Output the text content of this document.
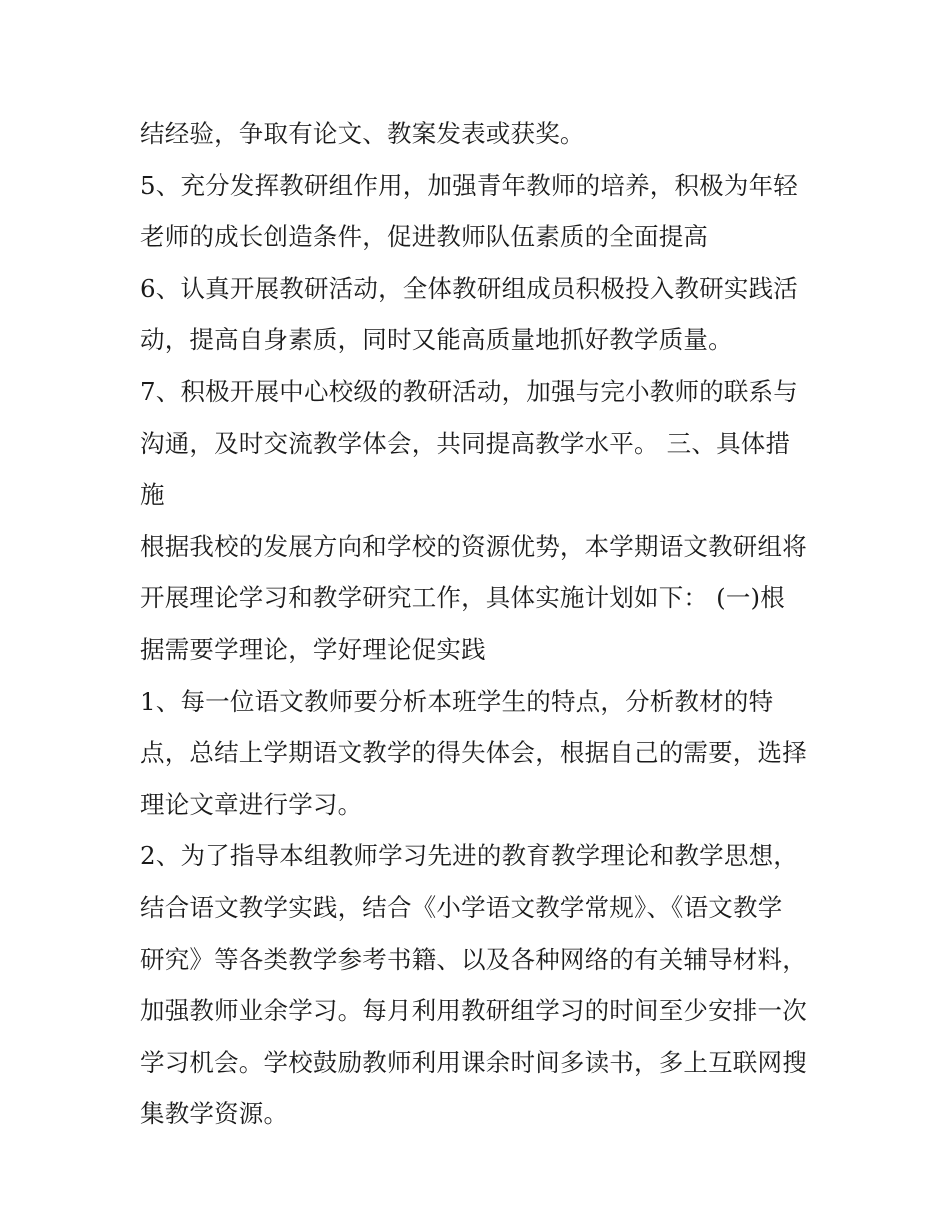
结经验，争取有论文、教案发表或获奖。
5、充分发挥教研组作用，加强青年教师的培养，积极为年轻
老师的成长创造条件，促进教师队伍素质的全面提高
6、认真开展教研活动，全体教研组成员积极投入教研实践活
动，提高自身素质，同时又能高质量地抓好教学质量。
7、积极开展中心校级的教研活动，加强与完小教师的联系与
沟通，及时交流教学体会，共同提高教学水平。 三、具体措
施
根据我校的发展方向和学校的资源优势，本学期语文教研组将
开展理论学习和教学研究工作，具体实施计划如下： (一)根
据需要学理论，学好理论促实践
1、每一位语文教师要分析本班学生的特点，分析教材的特
点，总结上学期语文教学的得失体会，根据自己的需要，选择
理论文章进行学习。
2、为了指导本组教师学习先进的教育教学理论和教学思想，
结合语文教学实践，结合《小学语文教学常规》、《语文教学
研究》等各类教学参考书籍、以及各种网络的有关辅导材料，
加强教师业余学习。每月利用教研组学习的时间至少安排一次
学习机会。学校鼓励教师利用课余时间多读书，多上互联网搜
集教学资源。
